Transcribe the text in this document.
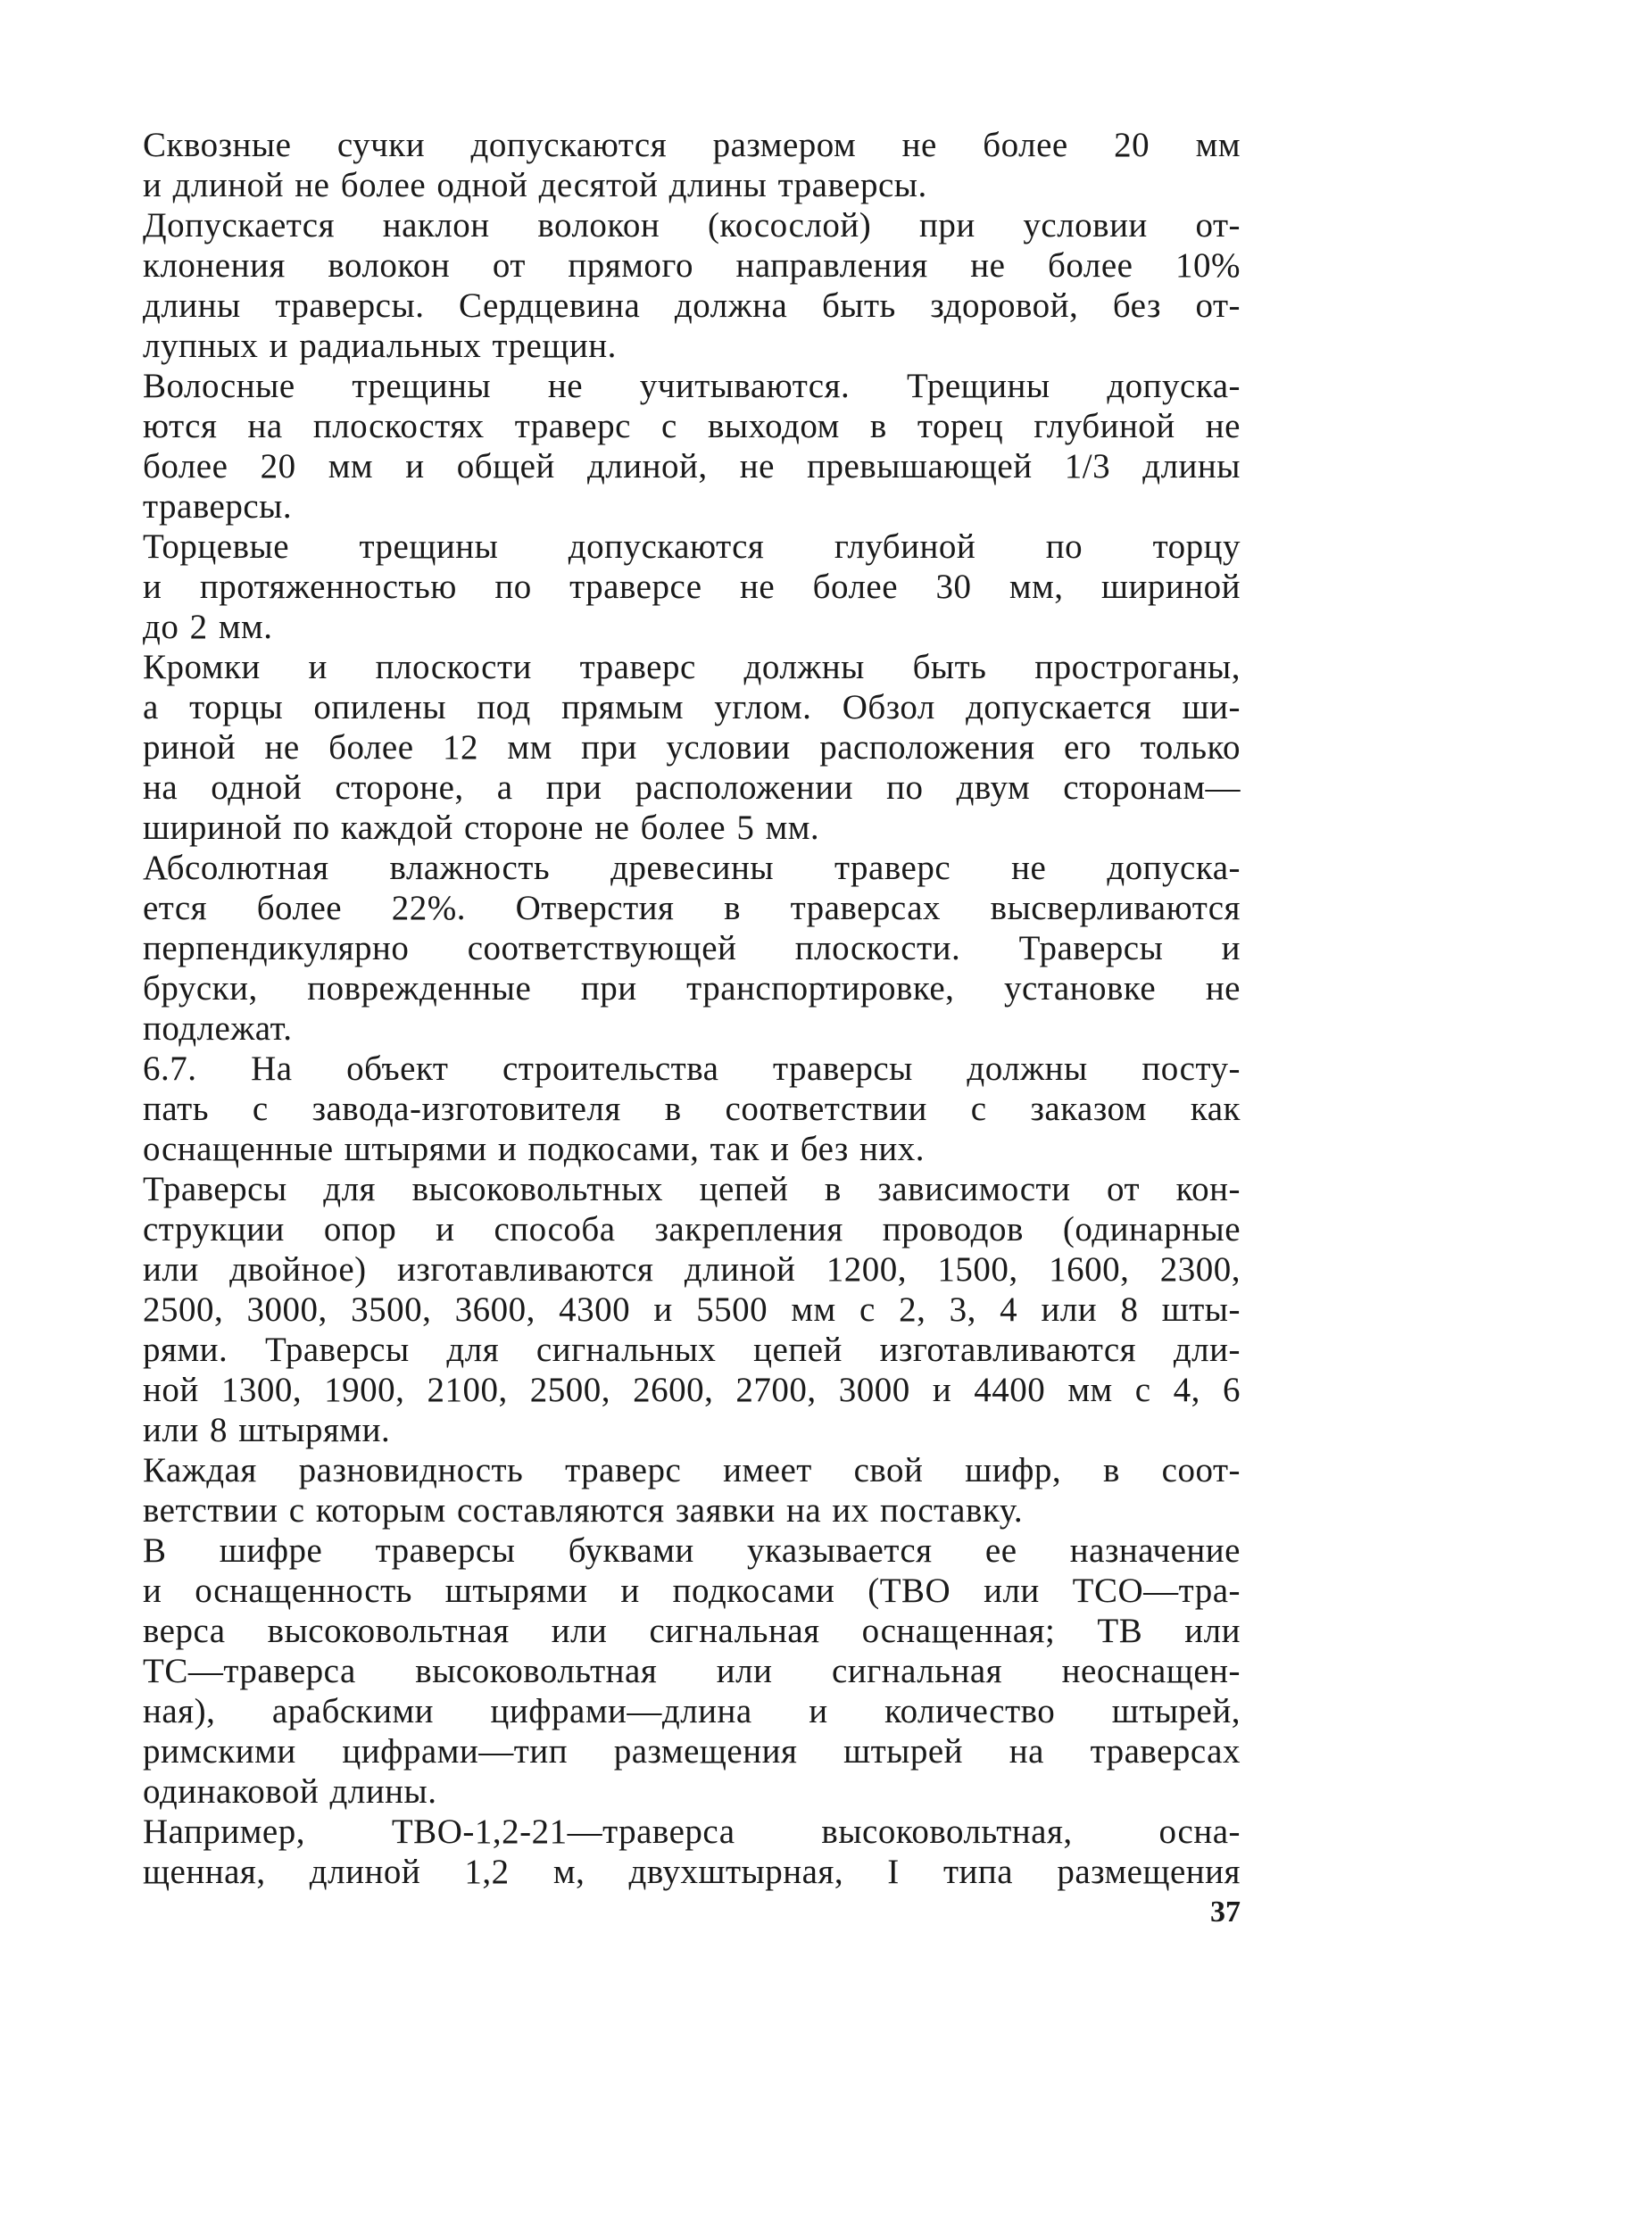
Сквозные сучки допускаются размером не более 20 мм
и длиной не более одной десятой длины траверсы.
Допускается наклон волокон (косослой) при условии от-
клонения волокон от прямого направления не более 10%
длины траверсы. Сердцевина должна быть здоровой, без от-
лупных и радиальных трещин.
Волосные трещины не учитываются. Трещины допуска-
ются на плоскостях траверс с выходом в торец глубиной не
более 20 мм и общей длиной, не превышающей 1/3 длины
траверсы.
Торцевые трещины допускаются глубиной по торцу
и протяженностью по траверсе не более 30 мм, шириной
до 2 мм.
Кромки и плоскости траверс должны быть простроганы,
а торцы опилены под прямым углом. Обзол допускается ши-
риной не более 12 мм при условии расположения его только
на одной стороне, а при расположении по двум сторонам—
шириной по каждой стороне не более 5 мм.
Абсолютная влажность древесины траверс не допуска-
ется более 22%. Отверстия в траверсах высверливаются
перпендикулярно соответствующей плоскости. Траверсы и
бруски, поврежденные при транспортировке, установке не
подлежат.
6.7. На объект строительства траверсы должны посту-
пать с завода-изготовителя в соответствии с заказом как
оснащенные штырями и подкосами, так и без них.
Траверсы для высоковольтных цепей в зависимости от кон-
струкции опор и способа закрепления проводов (одинарные
или двойное) изготавливаются длиной 1200, 1500, 1600, 2300,
2500, 3000, 3500, 3600, 4300 и 5500 мм с 2, 3, 4 или 8 шты-
рями. Траверсы для сигнальных цепей изготавливаются дли-
ной 1300, 1900, 2100, 2500, 2600, 2700, 3000 и 4400 мм с 4, 6
или 8 штырями.
Каждая разновидность траверс имеет свой шифр, в соот-
ветствии с которым составляются заявки на их поставку.
В шифре траверсы буквами указывается ее назначение
и оснащенность штырями и подкосами (ТВО или ТСО—тра-
верса высоковольтная или сигнальная оснащенная; ТВ или
ТС—траверса высоковольтная или сигнальная неоснащен-
ная), арабскими цифрами—длина и количество штырей,
римскими цифрами—тип размещения штырей на траверсах
одинаковой длины.
Например, ТВО-1,2-21—траверса высоковольтная, осна-
щенная, длиной 1,2 м, двухштырная, I типа размещения
37
